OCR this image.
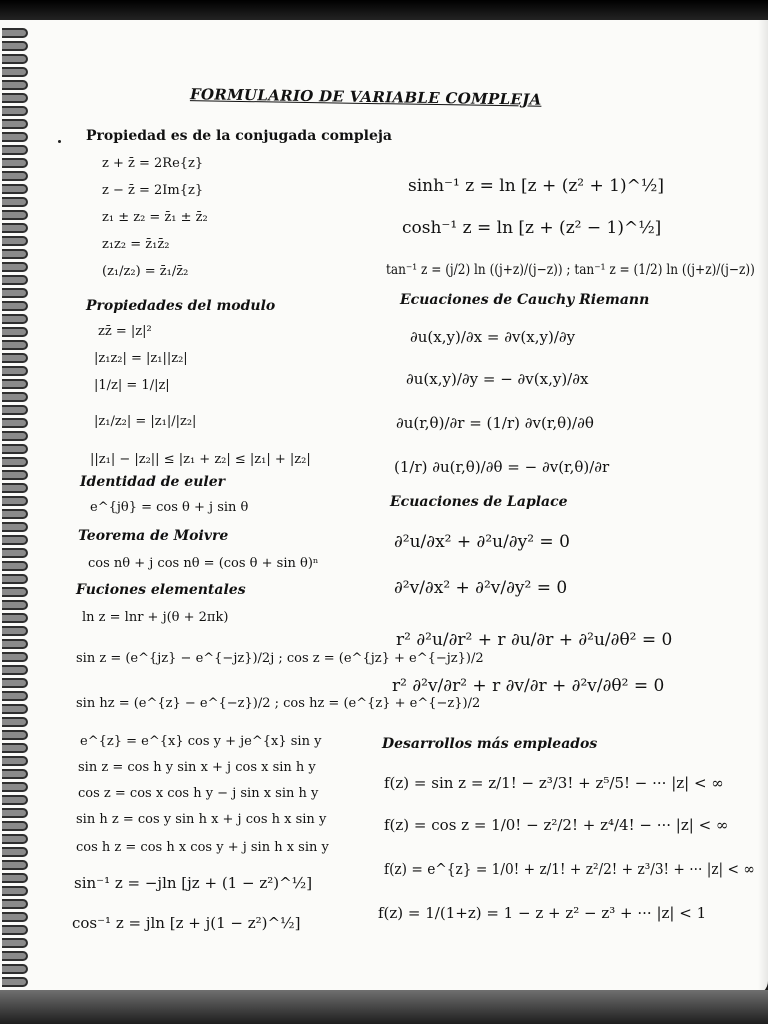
FORMULARIO DE VARIABLE COMPLEJA
Propiedad es de la conjugada compleja
z + z̄ = 2Re{z}
z − z̄ = 2Im{z}
z₁ ± z₂ = z̄₁ ± z̄₂
z₁z₂ = z̄₁z̄₂
(z₁/z₂) = z̄₁/z̄₂
Propiedades del modulo
zz̄ = |z|²
|z₁z₂| = |z₁||z₂|
|1/z| = 1/|z|
|z₁/z₂| = |z₁|/|z₂|
||z₁| − |z₂|| ≤ |z₁ + z₂| ≤ |z₁| + |z₂|
Identidad de euler
e^{jθ} = cos θ + j sin θ
Teorema de Moivre
cos nθ + j cos nθ = (cos θ + sin θ)ⁿ
Fuciones elementales
ln z = lnr + j(θ + 2πk)
sin z = (e^{jz} − e^{−jz})/2j ; cos z = (e^{jz} + e^{−jz})/2
sin hz = (e^{z} − e^{−z})/2 ; cos hz = (e^{z} + e^{−z})/2
e^{z} = e^{x} cos y + je^{x} sin y
sin z = cos h y sin x + j cos x sin h y
cos z = cos x cos h y − j sin x sin h y
sin h z = cos y sin h x + j cos h x sin y
cos h z = cos h x cos y + j sin h x sin y
sin⁻¹ z = −jln [jz + (1 − z²)^½]
cos⁻¹ z = jln [z + j(1 − z²)^½]
sinh⁻¹ z = ln [z + (z² + 1)^½]
cosh⁻¹ z = ln [z + (z² − 1)^½]
tan⁻¹ z = (j/2) ln ((j+z)/(j−z)) ; tan⁻¹ z = (1/2) ln ((j+z)/(j−z))
Ecuaciones de Cauchy Riemann
∂u(x,y)/∂x = ∂v(x,y)/∂y
∂u(x,y)/∂y = − ∂v(x,y)/∂x
∂u(r,θ)/∂r = (1/r) ∂v(r,θ)/∂θ
(1/r) ∂u(r,θ)/∂θ = − ∂v(r,θ)/∂r
Ecuaciones de Laplace
∂²u/∂x² + ∂²u/∂y² = 0
∂²v/∂x² + ∂²v/∂y² = 0
r² ∂²u/∂r² + r ∂u/∂r + ∂²u/∂θ² = 0
r² ∂²v/∂r² + r ∂v/∂r + ∂²v/∂θ² = 0
Desarrollos más empleados
f(z) = sin z = z/1! − z³/3! + z⁵/5! − ··· |z| < ∞
f(z) = cos z = 1/0! − z²/2! + z⁴/4! − ··· |z| < ∞
f(z) = e^{z} = 1/0! + z/1! + z²/2! + z³/3! + ··· |z| < ∞
f(z) = 1/(1+z) = 1 − z + z² − z³ + ··· |z| < 1
